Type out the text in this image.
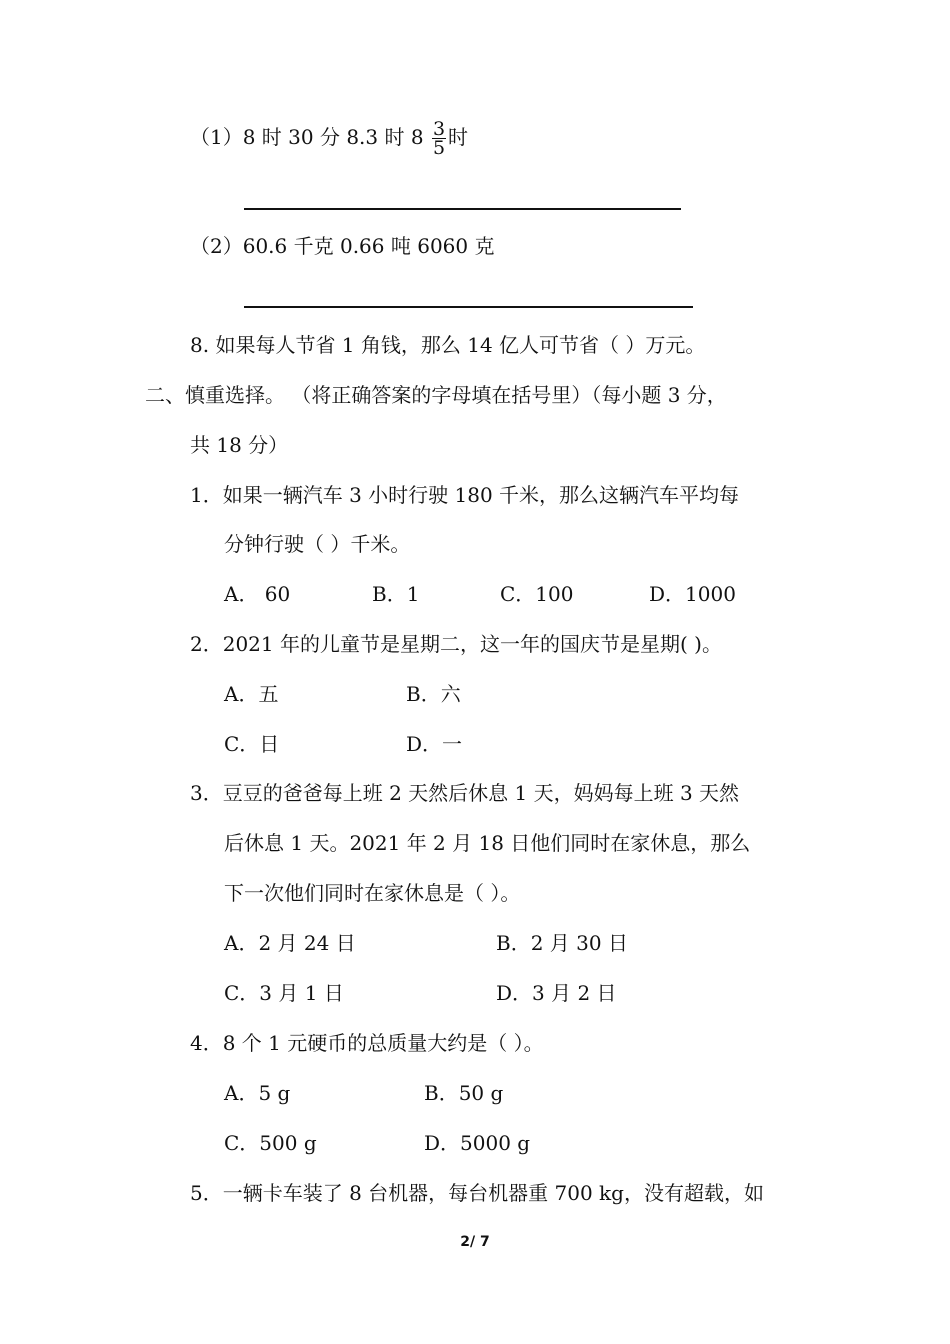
（1）8 时 30 分 8.3 时 $8 \frac{3}{5}$ 时
（2）60.6 千克 0.66 吨 6060 克
8. 如果每人节省 1 角钱，那么 14 亿人可节省（ ）万元。
二、慎重选择。 （将正确答案的字母填在括号里）（每小题 3 分，
共 18 分）
1．如果一辆汽车 3 小时行驶 180 千米，那么这辆汽车平均每
分钟行驶（ ）千米。
A． 60	B．1	C．100	D．1000
2．2021 年的儿童节是星期二，这一年的国庆节是星期( )。
A．五	B．六
C．日	D．一
3．豆豆的爸爸每上班 2 天然后休息 1 天，妈妈每上班 3 天然
后休息 1 天。2021 年 2 月 18 日他们同时在家休息，那么
下一次他们同时在家休息是（ ）。
A．2 月 24 日	B．2 月 30 日
C．3 月 1 日	D．3 月 2 日
4．8 个 1 元硬币的总质量大约是（ ）。
A．5 g	B．50 g
C．500 g	D．5000 g
5．一辆卡车装了 8 台机器，每台机器重 700 kg，没有超载，如
2/ 7
